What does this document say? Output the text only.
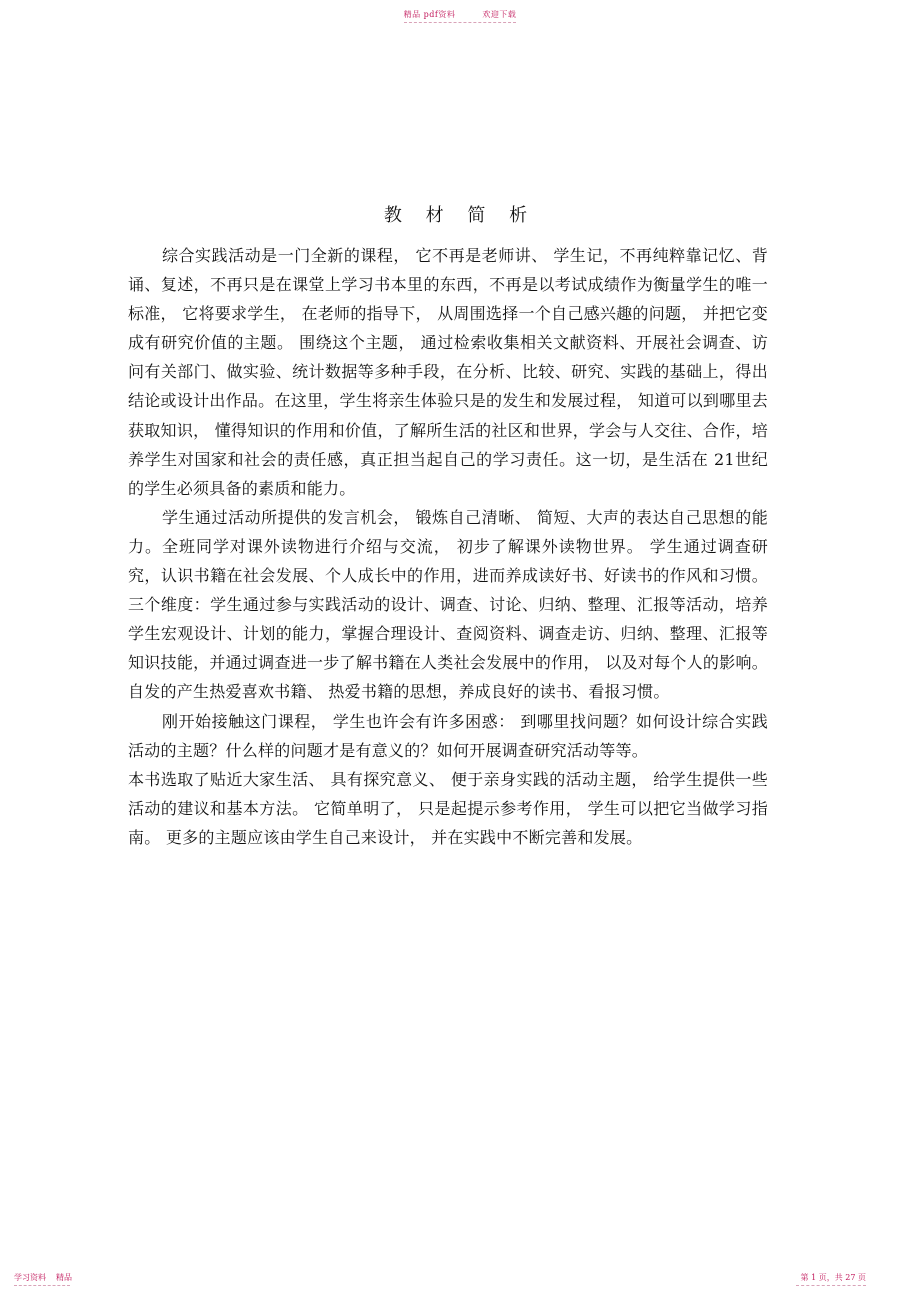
精品 pdf资料	欢迎下载
教 材 简 析

综合实践活动是一门全新的课程， 它不再是老师讲、 学生记，不再纯粹靠记忆、背诵、复述，不再只是在课堂上学习书本里的东西，不再是以考试成绩作为衡量学生的唯一标准， 它将要求学生， 在老师的指导下， 从周围选择一个自己感兴趣的问题， 并把它变成有研究价值的主题。 围绕这个主题， 通过检索收集相关文献资料、开展社会调查、访问有关部门、做实验、统计数据等多种手段，在分析、比较、研究、实践的基础上，得出结论或设计出作品。在这里，学生将亲生体验只是的发生和发展过程， 知道可以到哪里去获取知识， 懂得知识的作用和价值，了解所生活的社区和世界，学会与人交往、合作，培养学生对国家和社会的责任感，真正担当起自己的学习责任。这一切，是生活在 21世纪的学生必须具备的素质和能力。

学生通过活动所提供的发言机会， 锻炼自己清晰、 简短、大声的表达自己思想的能力。全班同学对课外读物进行介绍与交流， 初步了解课外读物世界。 学生通过调查研究，认识书籍在社会发展、个人成长中的作用，进而养成读好书、好读书的作风和习惯。三个维度：学生通过参与实践活动的设计、调查、讨论、归纳、整理、汇报等活动，培养学生宏观设计、计划的能力，掌握合理设计、查阅资料、调查走访、归纳、整理、汇报等知识技能，并通过调查进一步了解书籍在人类社会发展中的作用， 以及对每个人的影响。 自发的产生热爱喜欢书籍、 热爱书籍的思想，养成良好的读书、看报习惯。

刚开始接触这门课程， 学生也许会有许多困惑： 到哪里找问题？如何设计综合实践活动的主题？什么样的问题才是有意义的？如何开展调查研究活动等等。

本书选取了贴近大家生活、 具有探究意义、 便于亲身实践的活动主题， 给学生提供一些活动的建议和基本方法。 它简单明了， 只是起提示参考作用， 学生可以把它当做学习指南。 更多的主题应该由学生自己来设计， 并在实践中不断完善和发展。

学习资料 精品	第 1 页，共 27 页
